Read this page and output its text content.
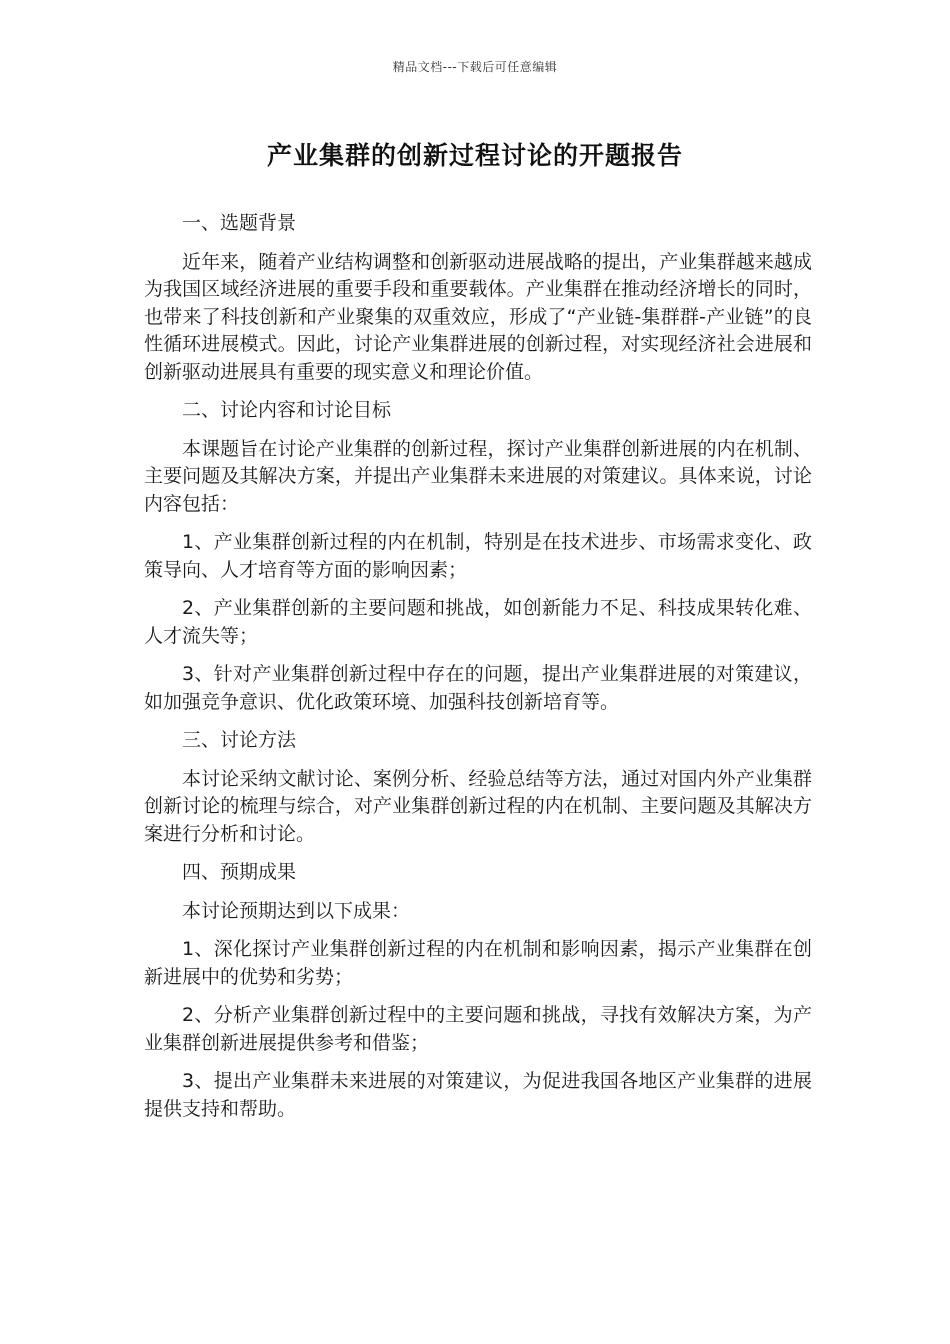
精品文档---下载后可任意编辑
产业集群的创新过程讨论的开题报告

一、选题背景

近年来，随着产业结构调整和创新驱动进展战略的提出，产业集群越来越成为我国区域经济进展的重要手段和重要载体。产业集群在推动经济增长的同时，也带来了科技创新和产业聚集的双重效应，形成了“产业链-集群群-产业链”的良性循环进展模式。因此，讨论产业集群进展的创新过程，对实现经济社会进展和创新驱动进展具有重要的现实意义和理论价值。

二、讨论内容和讨论目标

本课题旨在讨论产业集群的创新过程，探讨产业集群创新进展的内在机制、主要问题及其解决方案，并提出产业集群未来进展的对策建议。具体来说，讨论内容包括：

1、产业集群创新过程的内在机制，特别是在技术进步、市场需求变化、政策导向、人才培育等方面的影响因素；

2、产业集群创新的主要问题和挑战，如创新能力不足、科技成果转化难、人才流失等；

3、针对产业集群创新过程中存在的问题，提出产业集群进展的对策建议，如加强竞争意识、优化政策环境、加强科技创新培育等。

三、讨论方法

本讨论采纳文献讨论、案例分析、经验总结等方法，通过对国内外产业集群创新讨论的梳理与综合，对产业集群创新过程的内在机制、主要问题及其解决方案进行分析和讨论。

四、预期成果

本讨论预期达到以下成果：

1、深化探讨产业集群创新过程的内在机制和影响因素，揭示产业集群在创新进展中的优势和劣势；

2、分析产业集群创新过程中的主要问题和挑战，寻找有效解决方案，为产业集群创新进展提供参考和借鉴；

3、提出产业集群未来进展的对策建议，为促进我国各地区产业集群的进展提供支持和帮助。
